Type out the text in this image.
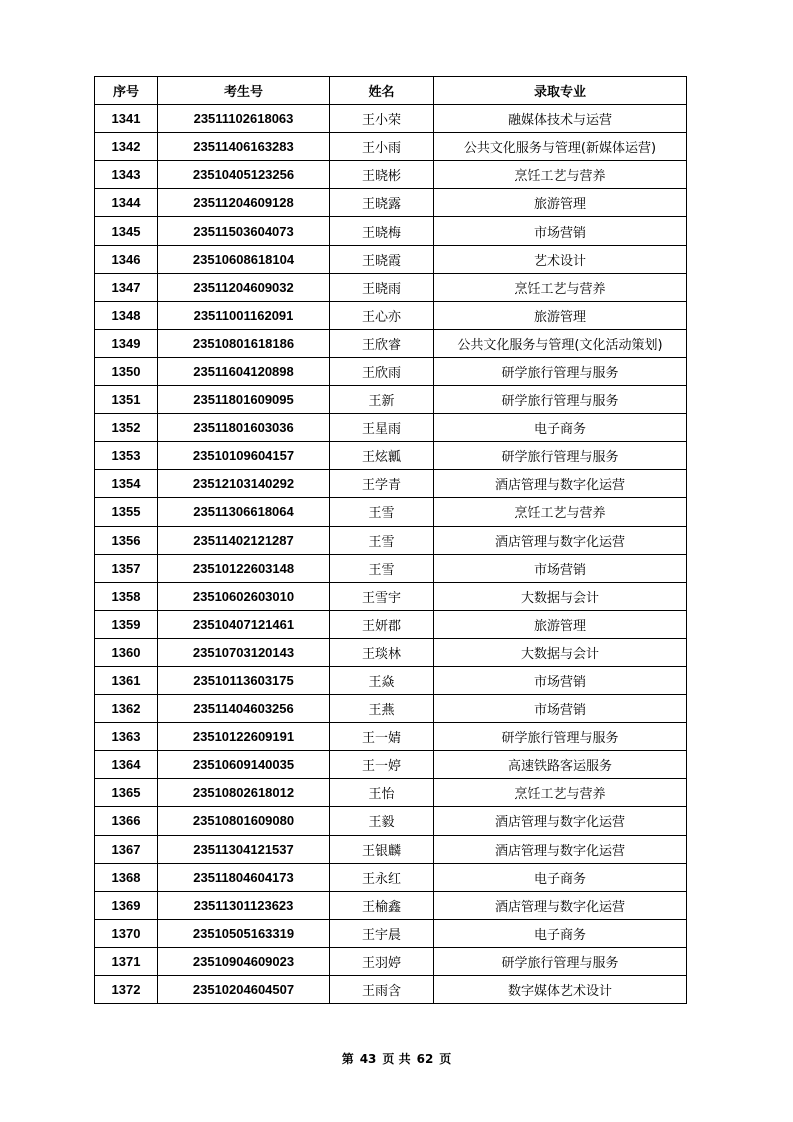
序号	考生号	姓名	录取专业
1341	23511102618063	王小荣	融媒体技术与运营
1342	23511406163283	王小雨	公共文化服务与管理(新媒体运营)
1343	23510405123256	王晓彬	烹饪工艺与营养
1344	23511204609128	王晓露	旅游管理
1345	23511503604073	王晓梅	市场营销
1346	23510608618104	王晓霞	艺术设计
1347	23511204609032	王晓雨	烹饪工艺与营养
1348	23511001162091	王心亦	旅游管理
1349	23510801618186	王欣睿	公共文化服务与管理(文化活动策划)
1350	23511604120898	王欣雨	研学旅行管理与服务
1351	23511801609095	王新	研学旅行管理与服务
1352	23511801603036	王星雨	电子商务
1353	23510109604157	王炫瓤	研学旅行管理与服务
1354	23512103140292	王学青	酒店管理与数字化运营
1355	23511306618064	王雪	烹饪工艺与营养
1356	23511402121287	王雪	酒店管理与数字化运营
1357	23510122603148	王雪	市场营销
1358	23510602603010	王雪宇	大数据与会计
1359	23510407121461	王妍郡	旅游管理
1360	23510703120143	王琰林	大数据与会计
1361	23510113603175	王焱	市场营销
1362	23511404603256	王燕	市场营销
1363	23510122609191	王一婧	研学旅行管理与服务
1364	23510609140035	王一婷	高速铁路客运服务
1365	23510802618012	王怡	烹饪工艺与营养
1366	23510801609080	王毅	酒店管理与数字化运营
1367	23511304121537	王银麟	酒店管理与数字化运营
1368	23511804604173	王永红	电子商务
1369	23511301123623	王榆鑫	酒店管理与数字化运营
1370	23510505163319	王宇晨	电子商务
1371	23510904609023	王羽婷	研学旅行管理与服务
1372	23510204604507	王雨含	数字媒体艺术设计
第 43 页 共 62 页
